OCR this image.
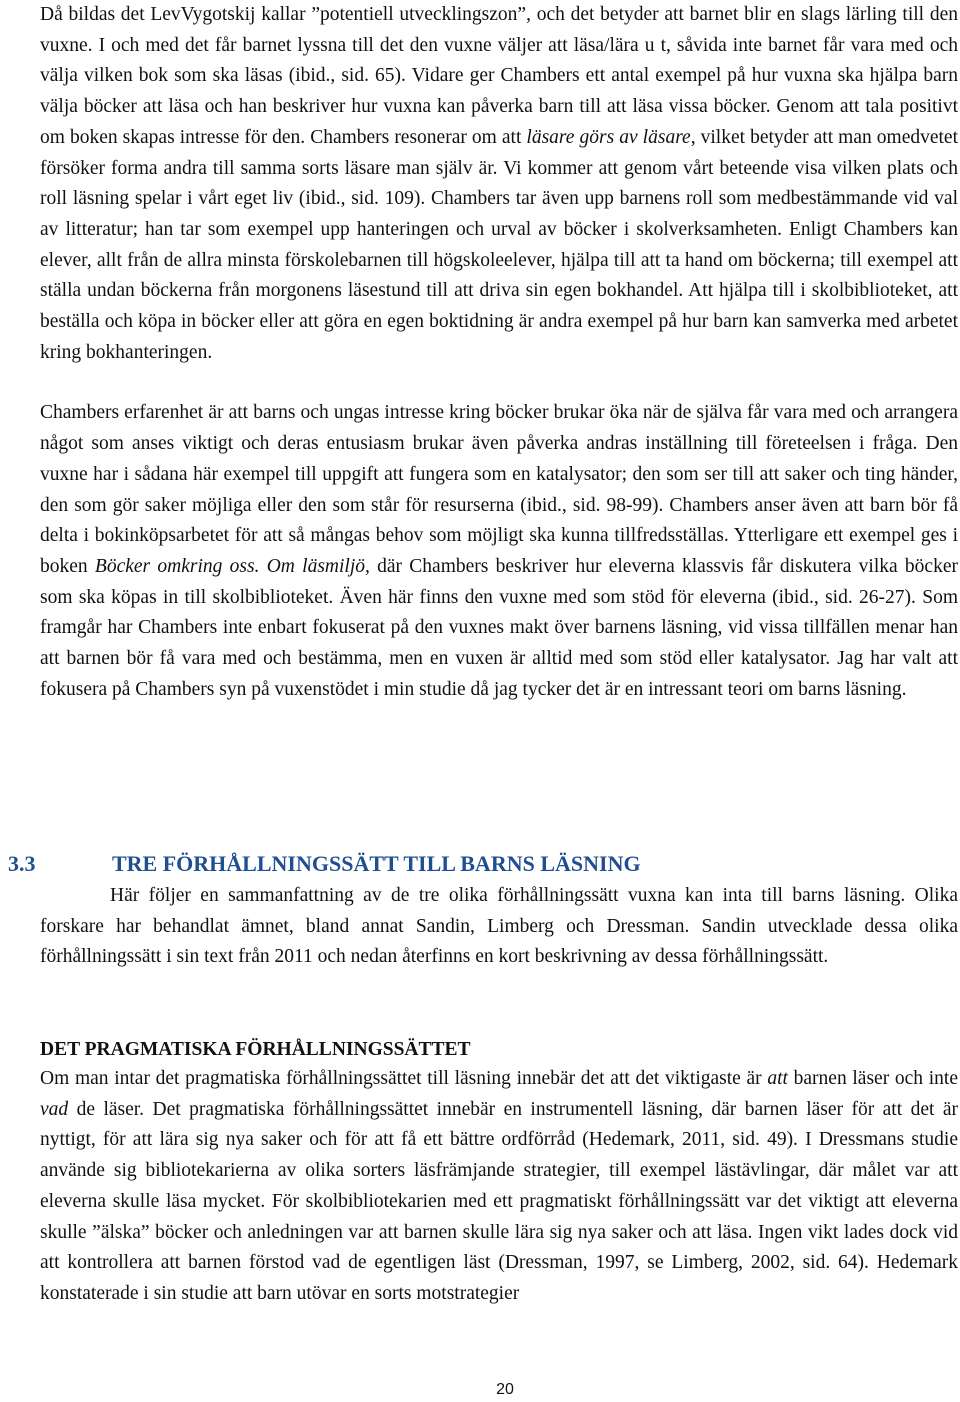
Då bildas det LevVygotskij kallar ”potentiell utvecklingszon”, och det betyder att barnet blir en slags lärling till den vuxne. I och med det får barnet lyssna till det den vuxne väljer att läsa/lära u t, såvida inte barnet får vara med och välja vilken bok som ska läsas (ibid., sid. 65). Vidare ger Chambers ett antal exempel på hur vuxna ska hjälpa barn välja böcker att läsa och han beskriver hur vuxna kan påverka barn till att läsa vissa böcker. Genom att tala positivt om boken skapas intresse för den. Chambers resonerar om att läsare görs av läsare, vilket betyder att man omedvetet försöker forma andra till samma sorts läsare man själv är. Vi kommer att genom vårt beteende visa vilken plats och roll läsning spelar i vårt eget liv (ibid., sid. 109). Chambers tar även upp barnens roll som medbestämmande vid val av litteratur; han tar som exempel upp hanteringen och urval av böcker i skolverksamheten. Enligt Chambers kan elever, allt från de allra minsta förskolebarnen till högskoleelever, hjälpa till att ta hand om böckerna; till exempel att ställa undan böckerna från morgonens läsestund till att driva sin egen bokhandel. Att hjälpa till i skolbiblioteket, att beställa och köpa in böcker eller att göra en egen boktidning är andra exempel på hur barn kan samverka med arbetet kring bokhanteringen.

Chambers erfarenhet är att barns och ungas intresse kring böcker brukar öka när de själva får vara med och arrangera något som anses viktigt och deras entusiasm brukar även påverka andras inställning till företeelsen i fråga. Den vuxne har i sådana här exempel till uppgift att fungera som en katalysator; den som ser till att saker och ting händer, den som gör saker möjliga eller den som står för resurserna (ibid., sid. 98-99). Chambers anser även att barn bör få delta i bokinköpsarbetet för att så mångas behov som möjligt ska kunna tillfredsställas. Ytterligare ett exempel ges i boken Böcker omkring oss. Om läsmiljö, där Chambers beskriver hur eleverna klassvis får diskutera vilka böcker som ska köpas in till skolbiblioteket. Även här finns den vuxne med som stöd för eleverna (ibid., sid. 26-27). Som framgår har Chambers inte enbart fokuserat på den vuxnes makt över barnens läsning, vid vissa tillfällen menar han att barnen bör få vara med och bestämma, men en vuxen är alltid med som stöd eller katalysator. Jag har valt att fokusera på Chambers syn på vuxenstödet i min studie då jag tycker det är en intressant teori om barns läsning.

3.3	TRE FÖRHÅLLNINGSSÄTT TILL BARNS LÄSNING

Här följer en sammanfattning av de tre olika förhållningssätt vuxna kan inta till barns läsning. Olika forskare har behandlat ämnet, bland annat Sandin, Limberg och Dressman. Sandin utvecklade dessa olika förhållningssätt i sin text från 2011 och nedan återfinns en kort beskrivning av dessa förhållningssätt.

DET PRAGMATISKA FÖRHÅLLNINGSSÄTTET

Om man intar det pragmatiska förhållningssättet till läsning innebär det att det viktigaste är att barnen läser och inte vad de läser. Det pragmatiska förhållningssättet innebär en instrumentell läsning, där barnen läser för att det är nyttigt, för att lära sig nya saker och för att få ett bättre ordförråd (Hedemark, 2011, sid. 49). I Dressmans studie använde sig bibliotekarierna av olika sorters läsfrämjande strategier, till exempel lästävlingar, där målet var att eleverna skulle läsa mycket. För skolbibliotekarien med ett pragmatiskt förhållningssätt var det viktigt att eleverna skulle ”älska” böcker och anledningen var att barnen skulle lära sig nya saker och att läsa. Ingen vikt lades dock vid att kontrollera att barnen förstod vad de egentligen läst (Dressman, 1997, se Limberg, 2002, sid. 64). Hedemark konstaterade i sin studie att barn utövar en sorts motstrategier

20
